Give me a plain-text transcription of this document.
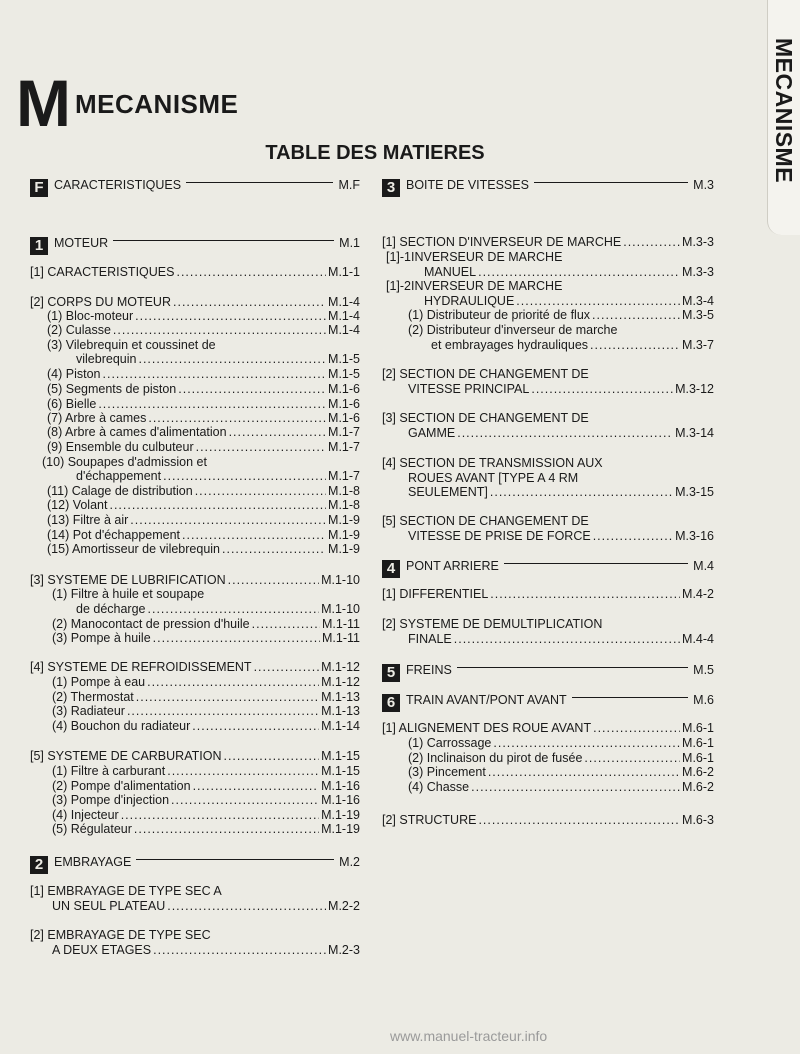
MECANISME
M MECANISME
TABLE DES MATIERES
F CARACTERISTIQUES	M.F
1 MOTEUR	M.1
[1] CARACTERISTIQUES .....	M.1-1
[2] CORPS DU MOTEUR .....	M.1-4
(1) Bloc-moteur .....	M.1-4
(2) Culasse .....	M.1-4
(3) Vilebrequin et coussinet de
vilebrequin .....	M.1-5
(4) Piston .....	M.1-5
(5) Segments de piston .....	M.1-6
(6) Bielle .....	M.1-6
(7) Arbre à cames .....	M.1-6
(8) Arbre à cames d'alimentation .....	M.1-7
(9) Ensemble du culbuteur .....	M.1-7
(10) Soupapes d'admission et
d'échappement .....	M.1-7
(11) Calage de distribution .....	M.1-8
(12) Volant .....	M.1-8
(13) Filtre à air .....	M.1-9
(14) Pot d'échappement .....	M.1-9
(15) Amortisseur de vilebrequin .....	M.1-9
[3] SYSTEME DE LUBRIFICATION .....	M.1-10
(1) Filtre à huile et soupape
de décharge .....	M.1-10
(2) Manocontact de pression d'huile .....	M.1-11
(3) Pompe à huile .....	M.1-11
[4] SYSTEME DE REFROIDISSEMENT .....	M.1-12
(1) Pompe à eau .....	M.1-12
(2) Thermostat .....	M.1-13
(3) Radiateur .....	M.1-13
(4) Bouchon du radiateur .....	M.1-14
[5] SYSTEME DE CARBURATION .....	M.1-15
(1) Filtre à carburant .....	M.1-15
(2) Pompe d'alimentation .....	M.1-16
(3) Pompe d'injection .....	M.1-16
(4) Injecteur .....	M.1-19
(5) Régulateur .....	M.1-19
2 EMBRAYAGE	M.2
[1] EMBRAYAGE DE TYPE SEC A
UN SEUL PLATEAU .....	M.2-2
[2] EMBRAYAGE DE TYPE SEC
A DEUX ETAGES .....	M.2-3
3 BOITE DE VITESSES	M.3
[1] SECTION D'INVERSEUR DE MARCHE .....	M.3-3
[1]-1INVERSEUR DE MARCHE
MANUEL .....	M.3-3
[1]-2INVERSEUR DE MARCHE
HYDRAULIQUE .....	M.3-4
(1) Distributeur de priorité de flux .....	M.3-5
(2) Distributeur d'inverseur de marche
et embrayages hydrauliques .....	M.3-7
[2] SECTION DE CHANGEMENT DE
VITESSE PRINCIPAL .....	M.3-12
[3] SECTION DE CHANGEMENT DE
GAMME .....	M.3-14
[4] SECTION DE TRANSMISSION AUX
ROUES AVANT [TYPE A 4 RM
SEULEMENT] .....	M.3-15
[5] SECTION DE CHANGEMENT DE
VITESSE DE PRISE DE FORCE .....	M.3-16
4 PONT ARRIERE	M.4
[1] DIFFERENTIEL .....	M.4-2
[2] SYSTEME DE DEMULTIPLICATION
FINALE .....	M.4-4
5 FREINS	M.5
6 TRAIN AVANT/PONT AVANT	M.6
[1] ALIGNEMENT DES ROUE AVANT .....	M.6-1
(1) Carrossage .....	M.6-1
(2) Inclinaison du pirot de fusée .....	M.6-1
(3) Pincement .....	M.6-2
(4) Chasse .....	M.6-2
[2] STRUCTURE .....	M.6-3
www.manuel-tracteur.info
